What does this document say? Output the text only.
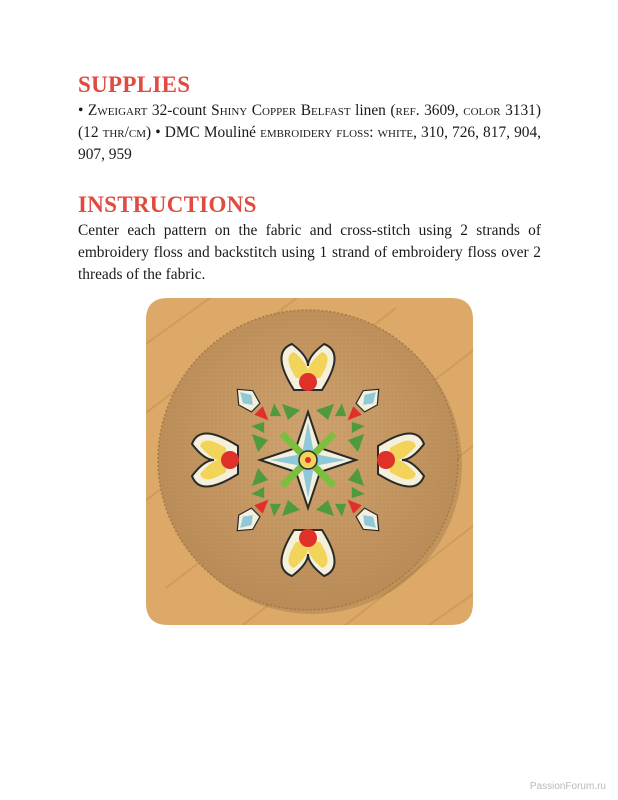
SUPPLIES

• Zweigart 32-count Shiny Copper Belfast linen (ref. 3609, color 3131) (12 thr/cm) • DMC Mouliné embroidery floss: white, 310, 726, 817, 904, 907, 959

INSTRUCTIONS

Center each pattern on the fabric and cross-stitch using 2 strands of embroidery floss and backstitch using 1 strand of embroidery floss over 2 threads of the fabric.

PassionForum.ru
